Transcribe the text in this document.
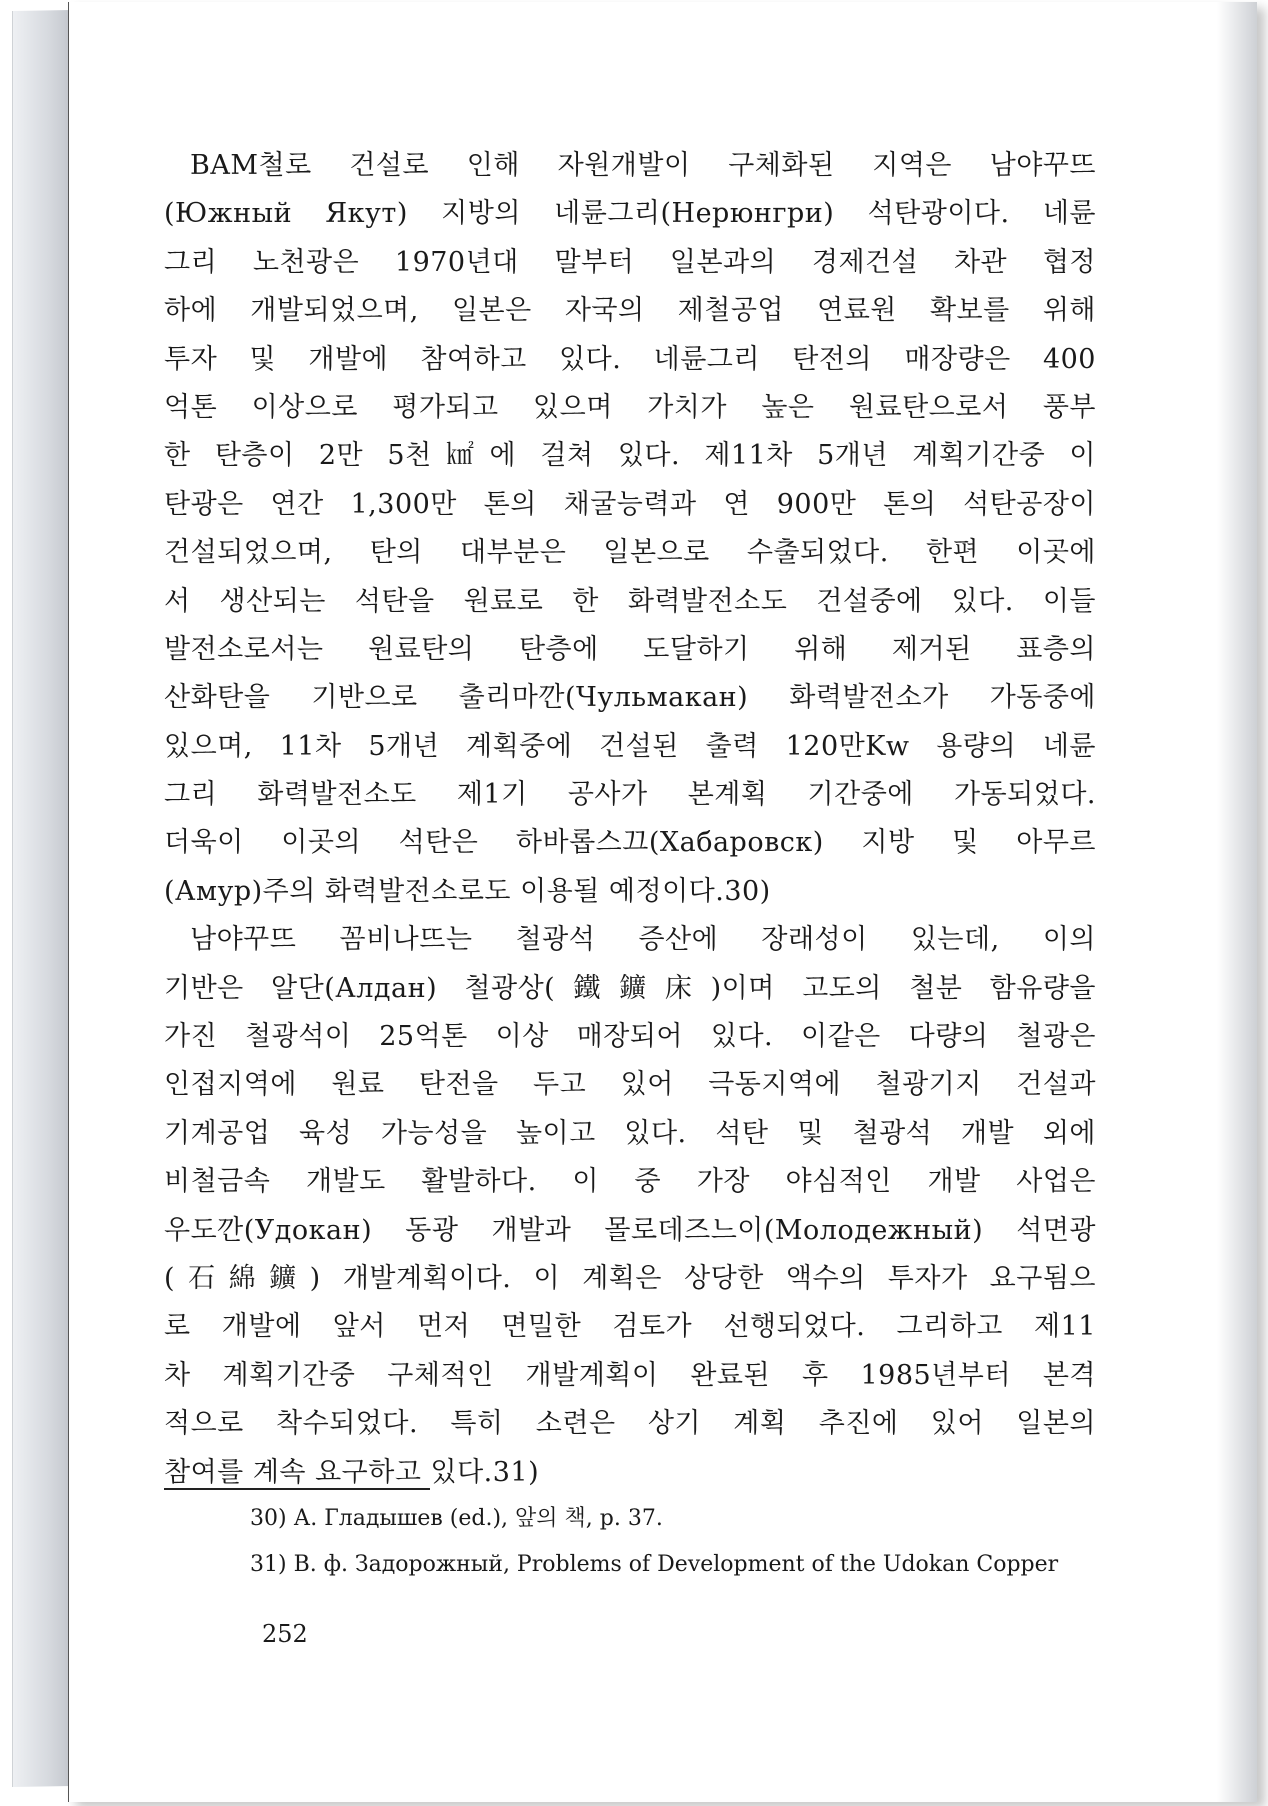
BAM철로 건설로 인해 자원개발이 구체화된 지역은 남야꾸뜨
(Южный Якут) 지방의 네륜그리(Нерюнгри) 석탄광이다. 네륜
그리 노천광은 1970년대 말부터 일본과의 경제건설 차관 협정
하에 개발되었으며, 일본은 자국의 제철공업 연료원 확보를 위해
투자 및 개발에 참여하고 있다. 네륜그리 탄전의 매장량은 400
억톤 이상으로 평가되고 있으며 가치가 높은 원료탄으로서 풍부
한 탄층이 2만 5천㎢에 걸쳐 있다. 제11차 5개년 계획기간중 이
탄광은 연간 1,300만 톤의 채굴능력과 연 900만 톤의 석탄공장이
건설되었으며, 탄의 대부분은 일본으로 수출되었다. 한편 이곳에
서 생산되는 석탄을 원료로 한 화력발전소도 건설중에 있다. 이들
발전소로서는 원료탄의 탄층에 도달하기 위해 제거된 표층의
산화탄을 기반으로 출리마깐(Чульмакан) 화력발전소가 가동중에
있으며, 11차 5개년 계획중에 건설된 출력 120만Kw 용량의 네륜
그리 화력발전소도 제1기 공사가 본계획 기간중에 가동되었다.
더욱이 이곳의 석탄은 하바롭스끄(Хабаровск) 지방 및 아무르
(Амур)주의 화력발전소로도 이용될 예정이다.30)
남야꾸뜨 꼼비나뜨는 철광석 증산에 장래성이 있는데, 이의
기반은 알단(Алдан) 철광상(鐵鑛床)이며 고도의 철분 함유량을
가진 철광석이 25억톤 이상 매장되어 있다. 이같은 다량의 철광은
인접지역에 원료 탄전을 두고 있어 극동지역에 철광기지 건설과
기계공업 육성 가능성을 높이고 있다. 석탄 및 철광석 개발 외에
비철금속 개발도 활발하다. 이 중 가장 야심적인 개발 사업은
우도깐(Удокан) 동광 개발과 몰로데즈느이(Молодежный) 석면광
(石綿鑛) 개발계획이다. 이 계획은 상당한 액수의 투자가 요구됨으
로 개발에 앞서 먼저 면밀한 검토가 선행되었다. 그리하고 제11
차 계획기간중 구체적인 개발계획이 완료된 후 1985년부터 본격
적으로 착수되었다. 특히 소련은 상기 계획 추진에 있어 일본의
참여를 계속 요구하고 있다.31)
30) А. Гладышев (ed.), 앞의 책, p. 37.
31) В. ф. Задорожный, Problems of Development of the Udokan Copper
252
